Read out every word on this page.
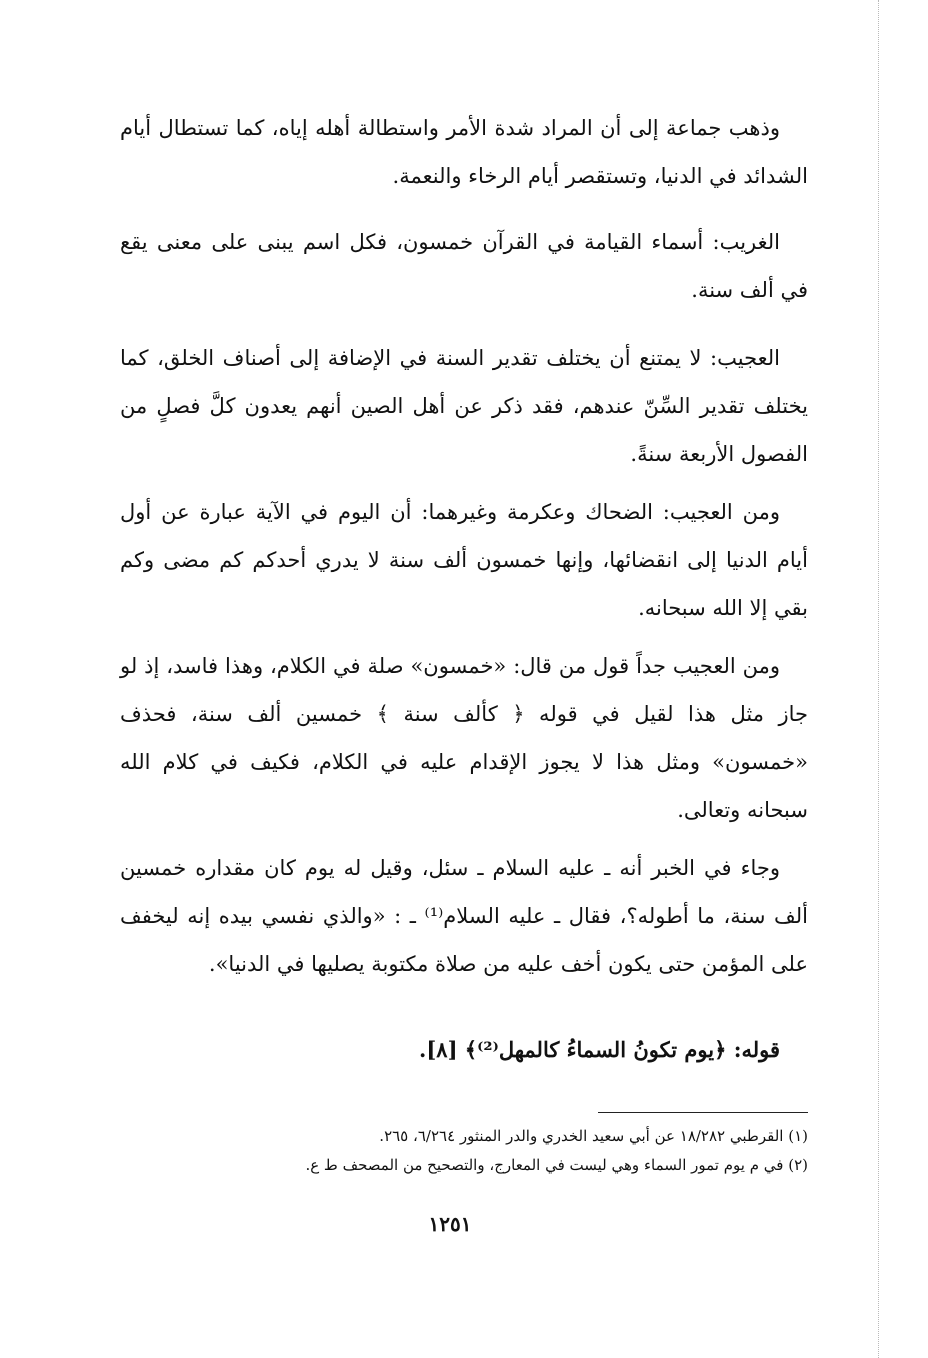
وذهب جماعة إلى أن المراد شدة الأمر واستطالة أهله إياه، كما تستطال أيام الشدائد في الدنيا، وتستقصر أيام الرخاء والنعمة.

الغريب: أسماء القيامة في القرآن خمسون، فكل اسم يبنى على معنى يقع في ألف سنة.

العجيب: لا يمتنع أن يختلف تقدير السنة في الإضافة إلى أصناف الخلق، كما يختلف تقدير السِّنّ عندهم، فقد ذكر عن أهل الصين أنهم يعدون كلَّ فصلٍ من الفصول الأربعة سنةً.

ومن العجيب: الضحاك وعكرمة وغيرهما: أن اليوم في الآية عبارة عن أول أيام الدنيا إلى انقضائها، وإنها خمسون ألف سنة لا يدري أحدكم كم مضى وكم بقي إلا الله سبحانه.

ومن العجيب جداً قول من قال: «خمسون» صلة في الكلام، وهذا فاسد، إذ لو جاز مثل هذا لقيل في قوله ﴿ كألف سنة ﴾ خمسين ألف سنة، فحذف «خمسون» ومثل هذا لا يجوز الإقدام عليه في الكلام، فكيف في كلام الله سبحانه وتعالى.

وجاء في الخبر أنه ـ عليه السلام ـ سئل، وقيل له يوم كان مقداره خمسين ألف سنة، ما أطوله؟، فقال ـ عليه السلام⁽¹⁾ ـ : «والذي نفسي بيده إنه ليخفف على المؤمن حتى يكون أخف عليه من صلاة مكتوبة يصليها في الدنيا».

قوله: ﴿يوم تكونُ السماءُ كالمهل⁽²⁾﴾ [٨].

(١) القرطبي ١٨/٢٨٢ عن أبي سعيد الخدري والدر المنثور ٦/٢٦٤، ٢٦٥.

(٢) في م يوم تمور السماء وهي ليست في المعارج، والتصحيح من المصحف ط ع.

١٢٥١
